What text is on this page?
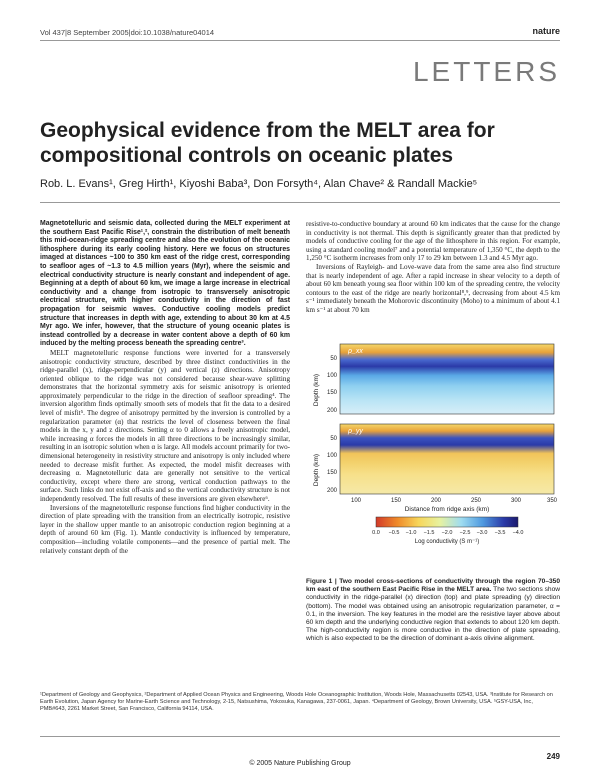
Vol 437|8 September 2005|doi:10.1038/nature04014	nature
LETTERS
Geophysical evidence from the MELT area for compositional controls on oceanic plates
Rob. L. Evans¹, Greg Hirth¹, Kiyoshi Baba³, Don Forsyth⁴, Alan Chave² & Randall Mackie⁵

Magnetotelluric and seismic data, collected during the MELT experiment at the southern East Pacific Rise¹,², constrain the distribution of melt beneath this mid-ocean-ridge spreading centre and also the evolution of the oceanic lithosphere during its early cooling history. Here we focus on structures imaged at distances ~100 to 350 km east of the ridge crest, corresponding to seafloor ages of ~1.3 to 4.5 million years (Myr), where the seismic and electrical conductivity structure is nearly constant and independent of age. Beginning at a depth of about 60 km, we image a large increase in electrical conductivity and a change from isotropic to transversely anisotropic electrical structure, with higher conductivity in the direction of fast propagation for seismic waves. Conductive cooling models predict structure that increases in depth with age, extending to about 30 km at 4.5 Myr ago. We infer, however, that the structure of young oceanic plates is instead controlled by a decrease in water content above a depth of 60 km induced by the melting process beneath the spreading centre³.

MELT magnetotelluric response functions were inverted for a transversely anisotropic conductivity structure, described by three distinct conductivities in the ridge-parallel (x), ridge-perpendicular (y) and vertical (z) directions. Anisotropy oriented oblique to the ridge was not considered because shear-wave splitting demonstrates that the horizontal symmetry axis for seismic anisotropy is oriented approximately perpendicular to the ridge in the direction of seafloor spreading⁴. The inversion algorithm finds optimally smooth sets of models that fit the data to a desired level of misfit⁵. The degree of anisotropy permitted by the inversion is controlled by a regularization parameter (α) that restricts the level of closeness between the final models in the x, y and z directions. Setting α to 0 allows a freely anisotropic model, while increasing α forces the models in all three directions to be increasingly similar, resulting in an isotropic solution when α is large. All models account primarily for two-dimensional heterogeneity in resistivity structure and anisotropy is only included where needed to decrease misfit further. As expected, the model misfit decreases with decreasing α. Magnetotelluric data are generally not sensitive to the vertical conductivity, except where there are strong, vertical conduction pathways to the surface. Such links do not exist off-axis and so the vertical conductivity structure is not independently resolved. The full results of these inversions are given elsewhere⁶.

Inversions of the magnetotelluric response functions find higher conductivity in the direction of plate spreading with the transition from an electrically isotropic, resistive layer in the shallow upper mantle to an anisotropic conduction region beginning at a depth of around 60 km (Fig. 1). Mantle conductivity is influenced by temperature, composition—including volatile components—and the presence of partial melt. The relatively constant depth of the

resistive-to-conductive boundary at around 60 km indicates that the cause for the change in conductivity is not thermal. This depth is significantly greater than that predicted by models of conductive cooling for the age of the lithosphere in this region. For example, using a standard cooling model⁷ and a potential temperature of 1,350 °C, the depth to the 1,250 °C isotherm increases from only 17 to 29 km between 1.3 and 4.5 Myr ago.

Inversions of Rayleigh- and Love-wave data from the same area also find structure that is nearly independent of age. After a rapid increase in shear velocity to a depth of about 60 km beneath young sea floor within 100 km of the spreading centre, the velocity contours to the east of the ridge are nearly horizontal⁸,⁹, decreasing from about 4.5 km s⁻¹ immediately beneath the Mohorovic discontinuity (Moho) to a minimum of about 4.1 km s⁻¹ at about 70 km

ρ_xx
ρ_yy
Depth (km)
Depth (km)
50
100
150
200
50
100
150
200
100	150	200	250	300	350
Distance from ridge axis (km)
0.0 −0.5 −1.0 −1.5 −2.0 −2.5 −3.0 −3.5 −4.0
Log conductivity (S m⁻¹)
Figure 1 | Two model cross-sections of conductivity through the region 70–350 km east of the southern East Pacific Rise in the MELT area. The two sections show conductivity in the ridge-parallel (x) direction (top) and plate spreading (y) direction (bottom). The model was obtained using an anisotropic regularization parameter, α = 0.1, in the inversion. The key features in the model are the resistive layer above about 60 km depth and the underlying conductive region that extends to about 120 km depth. The high-conductivity region is more conductive in the direction of plate spreading, which is also expected to be the direction of dominant a-axis olivine alignment.
¹Department of Geology and Geophysics, ²Department of Applied Ocean Physics and Engineering, Woods Hole Oceanographic Institution, Woods Hole, Massachusetts 02543, USA. ³Institute for Research on Earth Evolution, Japan Agency for Marine-Earth Science and Technology, 2-15, Natsushima, Yokosuka, Kanagawa, 237-0061, Japan. ⁴Department of Geology, Brown University, USA. ⁵GSY-USA, Inc, PMB#643, 2261 Market Street, San Francisco, California 94114, USA.
249
© 2005 Nature Publishing Group
